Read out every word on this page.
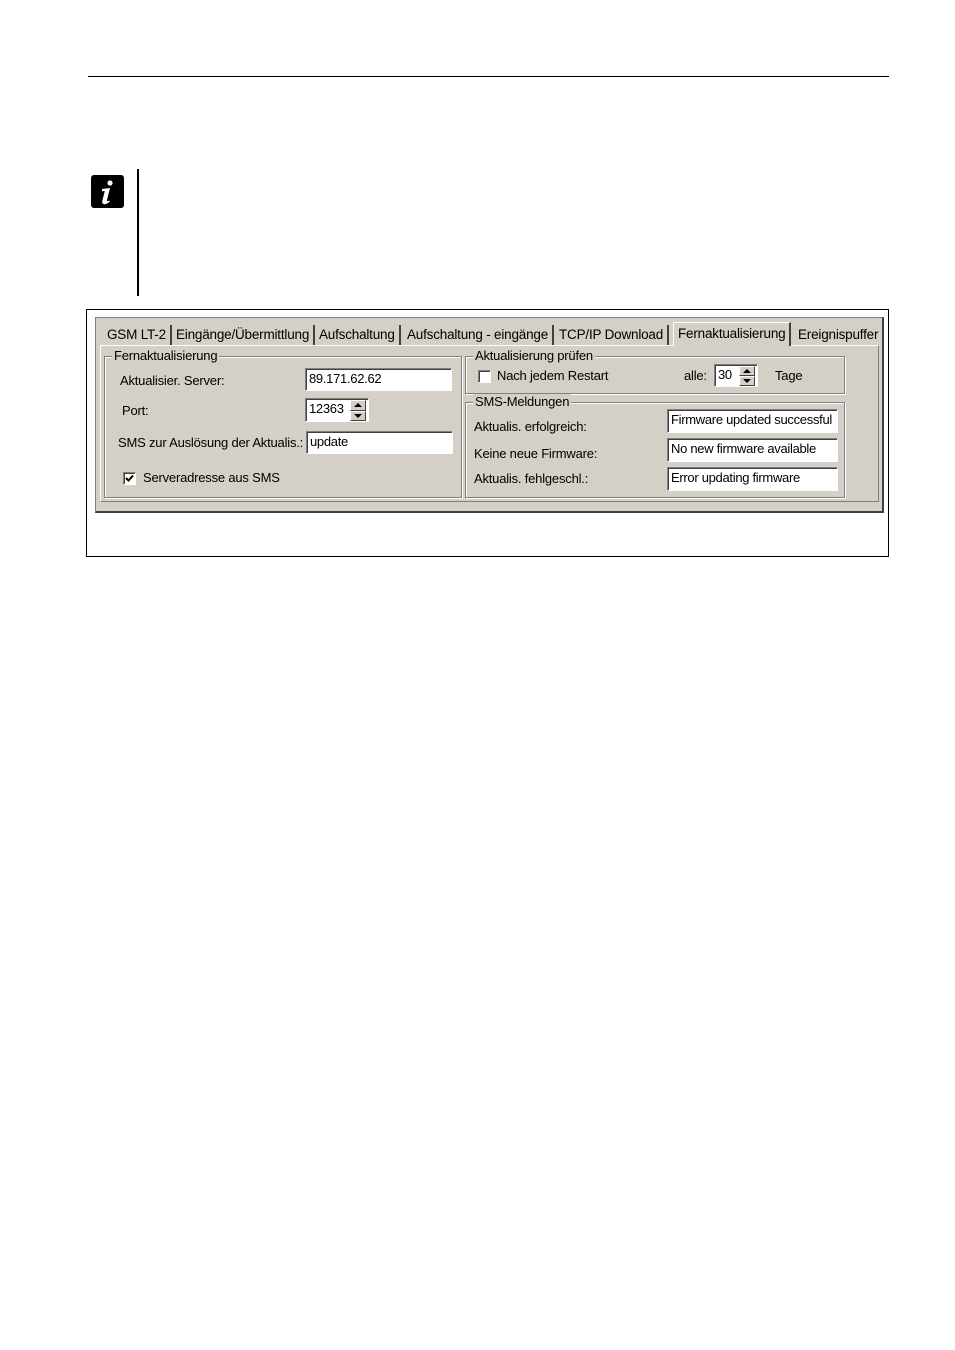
GSM LT-2 Eingänge/Übermittlung Aufschaltung Aufschaltung - eingänge TCP/IP Download	Fernaktualisierung Ereignispuffer
Fernaktualisierung
Aktualisier. Server:	89.171.62.62
Port:	12363
SMS zur Auslösung der Aktualis.: update
Serveradresse aus SMS
Aktualisierung prüfen
Nach jedem Restart	alle: 30	Tage
SMS-Meldungen
Aktualis. erfolgreich:	Firmware updated successful
Keine neue Firmware:	No new firmware available
Aktualis. fehlgeschl.:	Error updating firmware
